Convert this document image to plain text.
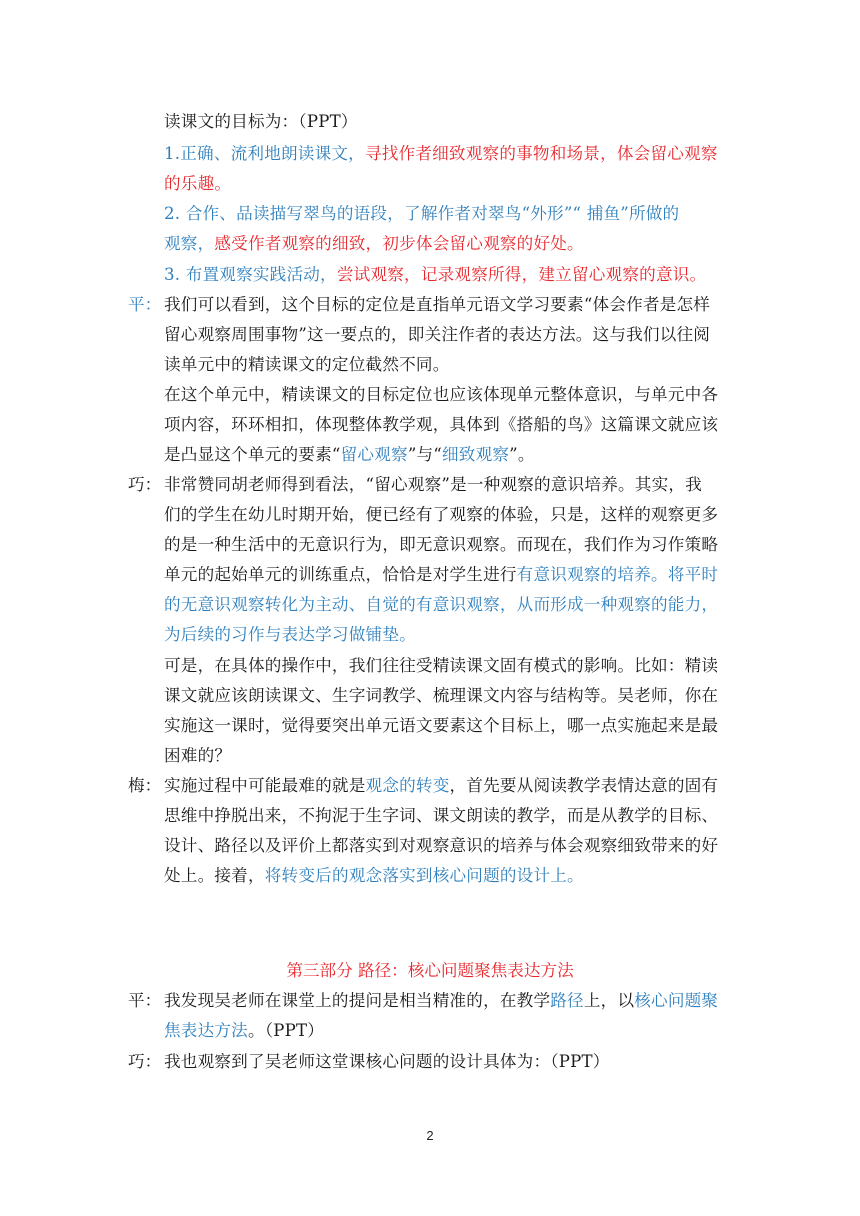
读课文的目标为：（PPT）
1.正确、流利地朗读课文，寻找作者细致观察的事物和场景，体会留心观察
的乐趣。
2. 合作、品读描写翠鸟的语段，了解作者对翠鸟“外形”“ 捕鱼”所做的
观察，感受作者观察的细致，初步体会留心观察的好处。
3. 布置观察实践活动，尝试观察，记录观察所得，建立留心观察的意识。
平： 我们可以看到，这个目标的定位是直指单元语文学习要素“体会作者是怎样
留心观察周围事物”这一要点的，即关注作者的表达方法。这与我们以往阅
读单元中的精读课文的定位截然不同。
在这个单元中，精读课文的目标定位也应该体现单元整体意识，与单元中各
项内容，环环相扣，体现整体教学观，具体到《搭船的鸟》这篇课文就应该
是凸显这个单元的要素“留心观察”与“细致观察”。
巧： 非常赞同胡老师得到看法，“留心观察”是一种观察的意识培养。其实，我
们的学生在幼儿时期开始，便已经有了观察的体验，只是，这样的观察更多
的是一种生活中的无意识行为，即无意识观察。而现在，我们作为习作策略
单元的起始单元的训练重点，恰恰是对学生进行有意识观察的培养。将平时
的无意识观察转化为主动、自觉的有意识观察，从而形成一种观察的能力，
为后续的习作与表达学习做铺垫。
可是，在具体的操作中，我们往往受精读课文固有模式的影响。比如：精读
课文就应该朗读课文、生字词教学、梳理课文内容与结构等。吴老师，你在
实施这一课时，觉得要突出单元语文要素这个目标上，哪一点实施起来是最
困难的？
梅： 实施过程中可能最难的就是观念的转变，首先要从阅读教学表情达意的固有
思维中挣脱出来，不拘泥于生字词、课文朗读的教学，而是从教学的目标、
设计、路径以及评价上都落实到对观察意识的培养与体会观察细致带来的好
处上。接着，将转变后的观念落实到核心问题的设计上。
第三部分 路径：核心问题聚焦表达方法
平： 我发现吴老师在课堂上的提问是相当精准的，在教学路径上，以核心问题聚
焦表达方法。（PPT）
巧： 我也观察到了吴老师这堂课核心问题的设计具体为：（PPT）
2
